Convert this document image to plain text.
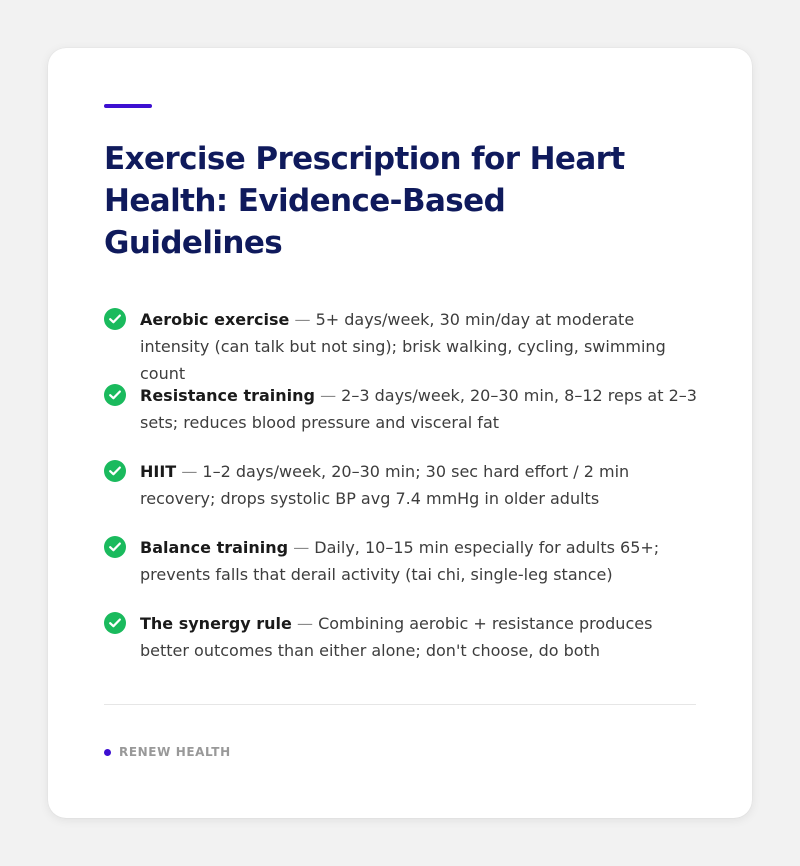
Exercise Prescription for Heart Health: Evidence-Based Guidelines
Aerobic exercise — 5+ days/week, 30 min/day at moderate intensity (can talk but not sing); brisk walking, cycling, swimming count
Resistance training — 2–3 days/week, 20–30 min, 8–12 reps at 2–3 sets; reduces blood pressure and visceral fat
HIIT — 1–2 days/week, 20–30 min; 30 sec hard effort / 2 min recovery; drops systolic BP avg 7.4 mmHg in older adults
Balance training — Daily, 10–15 min especially for adults 65+; prevents falls that derail activity (tai chi, single-leg stance)
The synergy rule — Combining aerobic + resistance produces better outcomes than either alone; don't choose, do both
RENEW HEALTH
